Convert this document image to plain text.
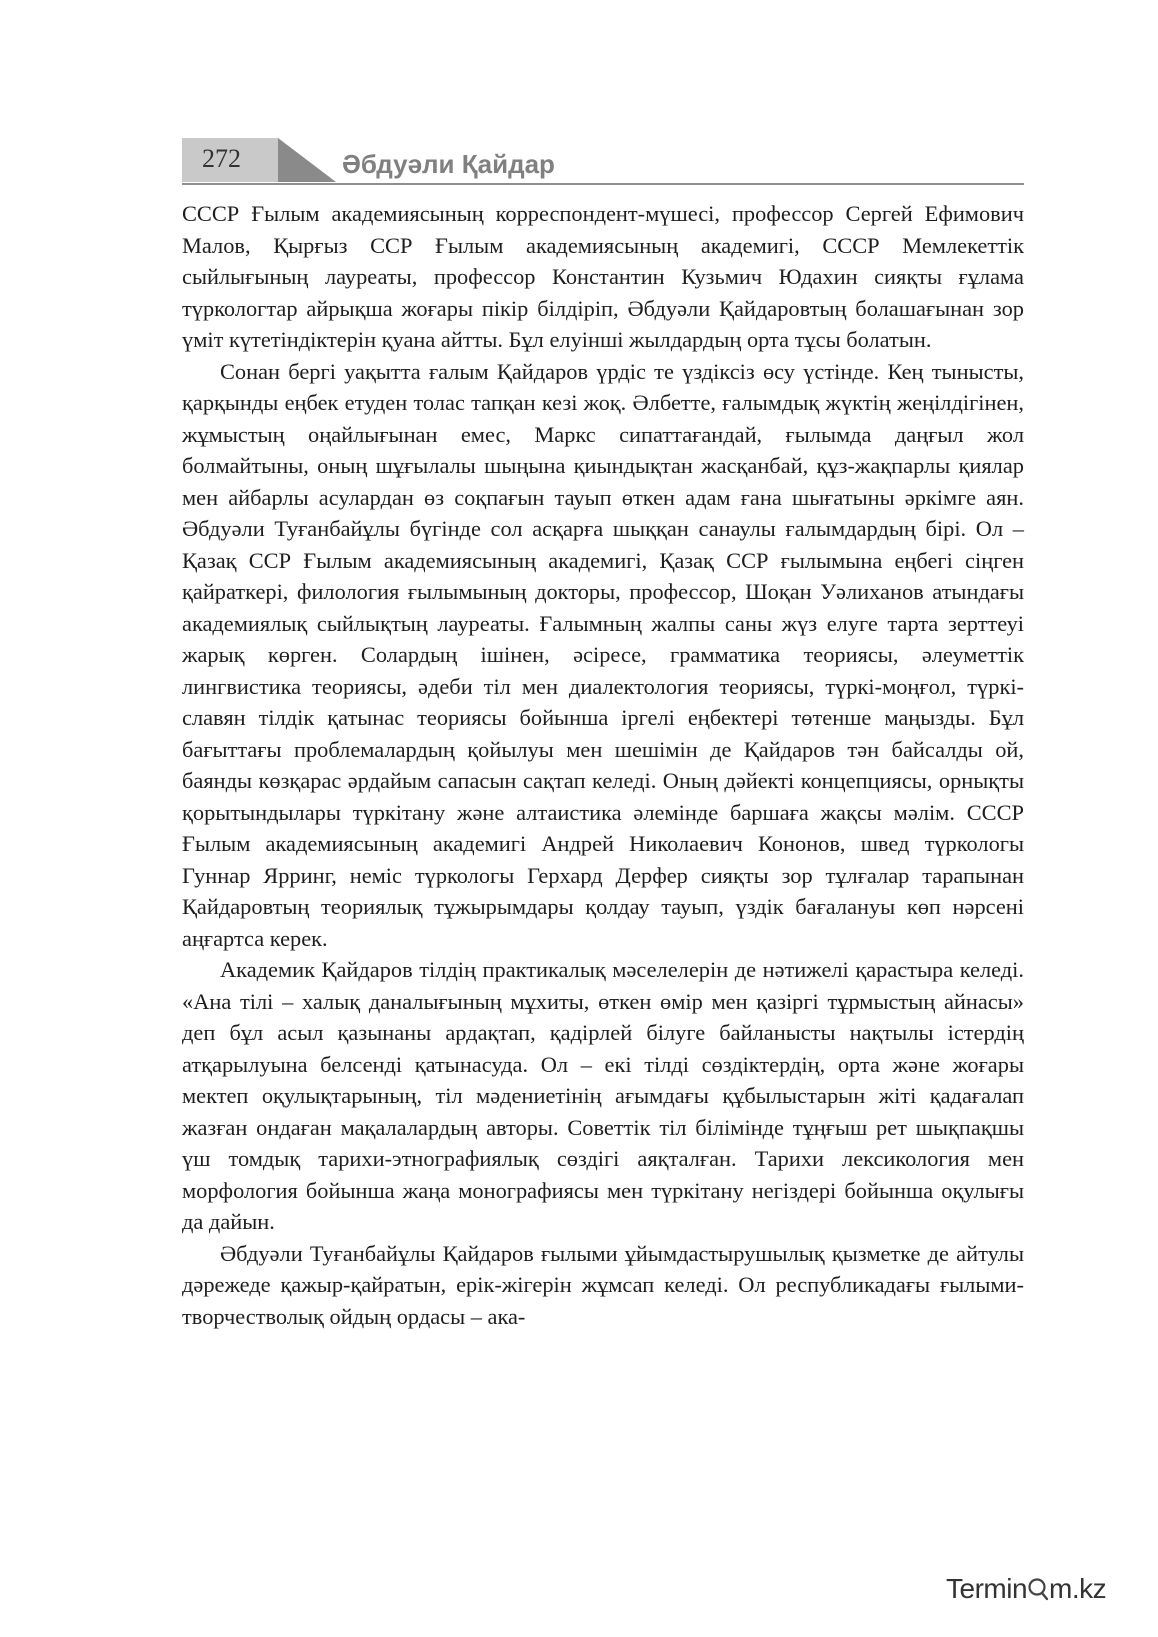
272	Әбдуәли Қайдар

СССР Ғылым академиясының корреспондент-мүшесі, профессор Сергей Ефимович Малов, Қырғыз ССР Ғылым академиясының академигі, СССР Мемлекеттік сыйлығының лауреаты, профессор Константин Кузьмич Юдахин сияқты ғұлама түркологтар айрықша жоғары пікір білдіріп, Әбдуәли Қайдаровтың болашағынан зор үміт күтетіндіктерін қуана айтты. Бұл елуінші жылдардың орта тұсы болатын.

Сонан бергі уақытта ғалым Қайдаров үрдіс те үздіксіз өсу үстінде. Кең тынысты, қарқынды еңбек етуден толас тапқан кезі жоқ. Әлбетте, ғалымдық жүктің жеңілдігінен, жұмыстың оңайлығынан емес, Маркс сипаттағандай, ғылымда даңғыл жол болмайтыны, оның шұғылалы шыңына қиындықтан жасқанбай, құз-жақпарлы қиялар мен айбарлы асулардан өз соқпағын тауып өткен адам ғана шығатыны әркімге аян. Әбдуәли Туғанбайұлы бүгінде сол асқарға шыққан санаулы ғалымдардың бірі. Ол – Қазақ ССР Ғылым академиясының академигі, Қазақ ССР ғылымына еңбегі сіңген қайраткері, филология ғылымының докторы, профессор, Шоқан Уәлиханов атындағы академиялық сыйлықтың лауреаты. Ғалымның жалпы саны жүз елуге тарта зерттеуі жарық көрген. Солардың ішінен, әсіресе, грамматика теориясы, әлеуметтік лингвистика теориясы, әдеби тіл мен диалектология теориясы, түркі-моңғол, түркі-славян тілдік қатынас теориясы бойынша іргелі еңбектері төтенше маңызды. Бұл бағыттағы проблемалардың қойылуы мен шешімін де Қайдаров тән байсалды ой, баянды көзқарас әрдайым сапасын сақтап келеді. Оның дәйекті концепциясы, орнықты қорытындылары түркітану және алтаистика әлемінде баршаға жақсы мәлім. СССР Ғылым академиясының академигі Андрей Николаевич Кононов, швед түркологы Гуннар Ярринг, неміс түркологы Герхард Дерфер сияқты зор тұлғалар тарапынан Қайдаровтың теориялық тұжырымдары қолдау тауып, үздік бағалануы көп нәрсені аңғартса керек.

Академик Қайдаров тілдің практикалық мәселелерін де нәтижелі қарастыра келеді. «Ана тілі – халық даналығының мұхиты, өткен өмір мен қазіргі тұрмыстың айнасы» деп бұл асыл қазынаны ардақтап, қадірлей білуге байланысты нақтылы істердің атқарылуына белсенді қатынасуда. Ол – екі тілді сөздіктердің, орта және жоғары мектеп оқулықтарының, тіл мәдениетінің ағымдағы құбылыстарын жіті қадағалап жазған ондаған мақалалардың авторы. Советтік тіл білімінде тұңғыш рет шықпақшы үш томдық тарихи-этнографиялық сөздігі аяқталған. Тарихи лексикология мен морфология бойынша жаңа монографиясы мен түркітану негіздері бойынша оқулығы да дайын.

Әбдуәли Туғанбайұлы Қайдаров ғылыми ұйымдастырушылық қызметке де айтулы дәрежеде қажыр-қайратын, ерік-жігерін жұмсап келеді. Ол республикадағы ғылыми-творчестволық ойдың ордасы – ака-

Termin m.kz
